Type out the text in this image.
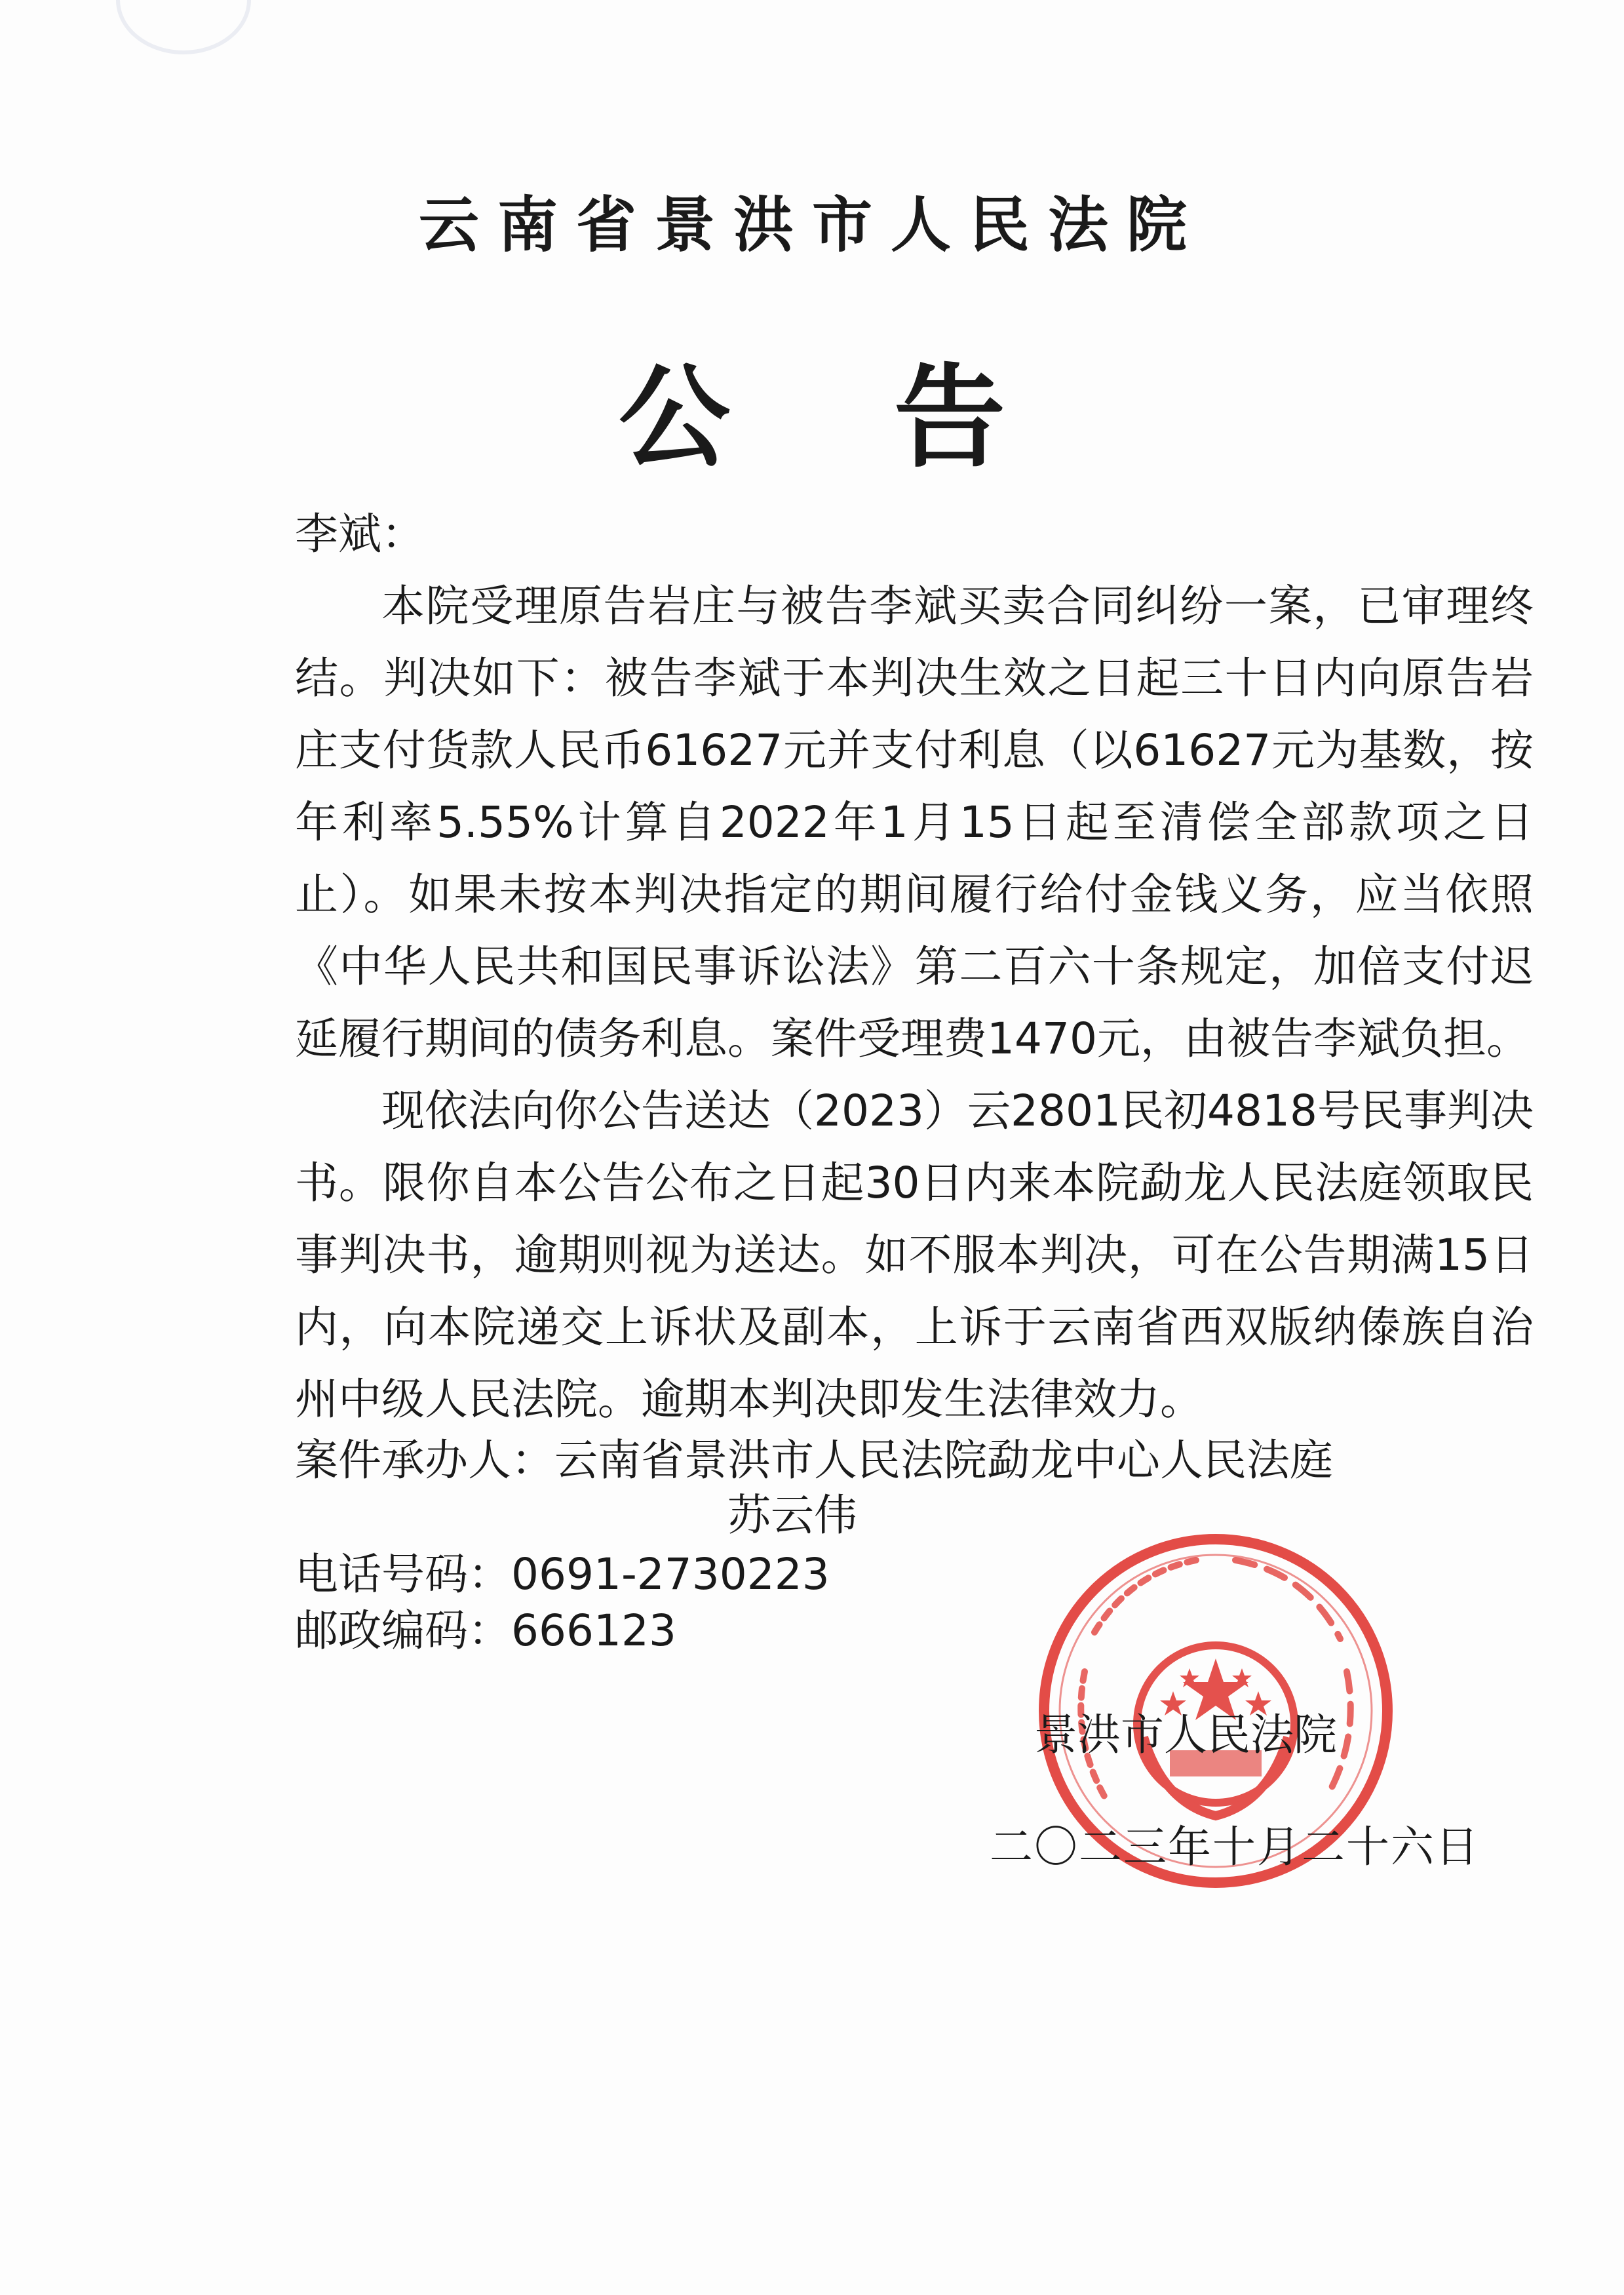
云南省景洪市人民法院
公告

李斌：

本院受理原告岩庄与被告李斌买卖合同纠纷一案，已审理终结。判决如下：被告李斌于本判决生效之日起三十日内向原告岩庄支付货款人民币61627元并支付利息（以61627元为基数，按年利率5.55%计算自2022年1月15日起至清偿全部款项之日止）。如果未按本判决指定的期间履行给付金钱义务，应当依照《中华人民共和国民事诉讼法》第二百六十条规定，加倍支付迟延履行期间的债务利息。案件受理费1470元，由被告李斌负担。

现依法向你公告送达（2023）云2801民初4818号民事判决书。限你自本公告公布之日起30日内来本院勐龙人民法庭领取民事判决书，逾期则视为送达。如不服本判决，可在公告期满15日内，向本院递交上诉状及副本，上诉于云南省西双版纳傣族自治州中级人民法院。逾期本判决即发生法律效力。

案件承办人：云南省景洪市人民法院勐龙中心人民法庭
苏云伟
电话号码：0691-2730223
邮政编码：666123
景洪市人民法院
二〇二三年十月二十六日
